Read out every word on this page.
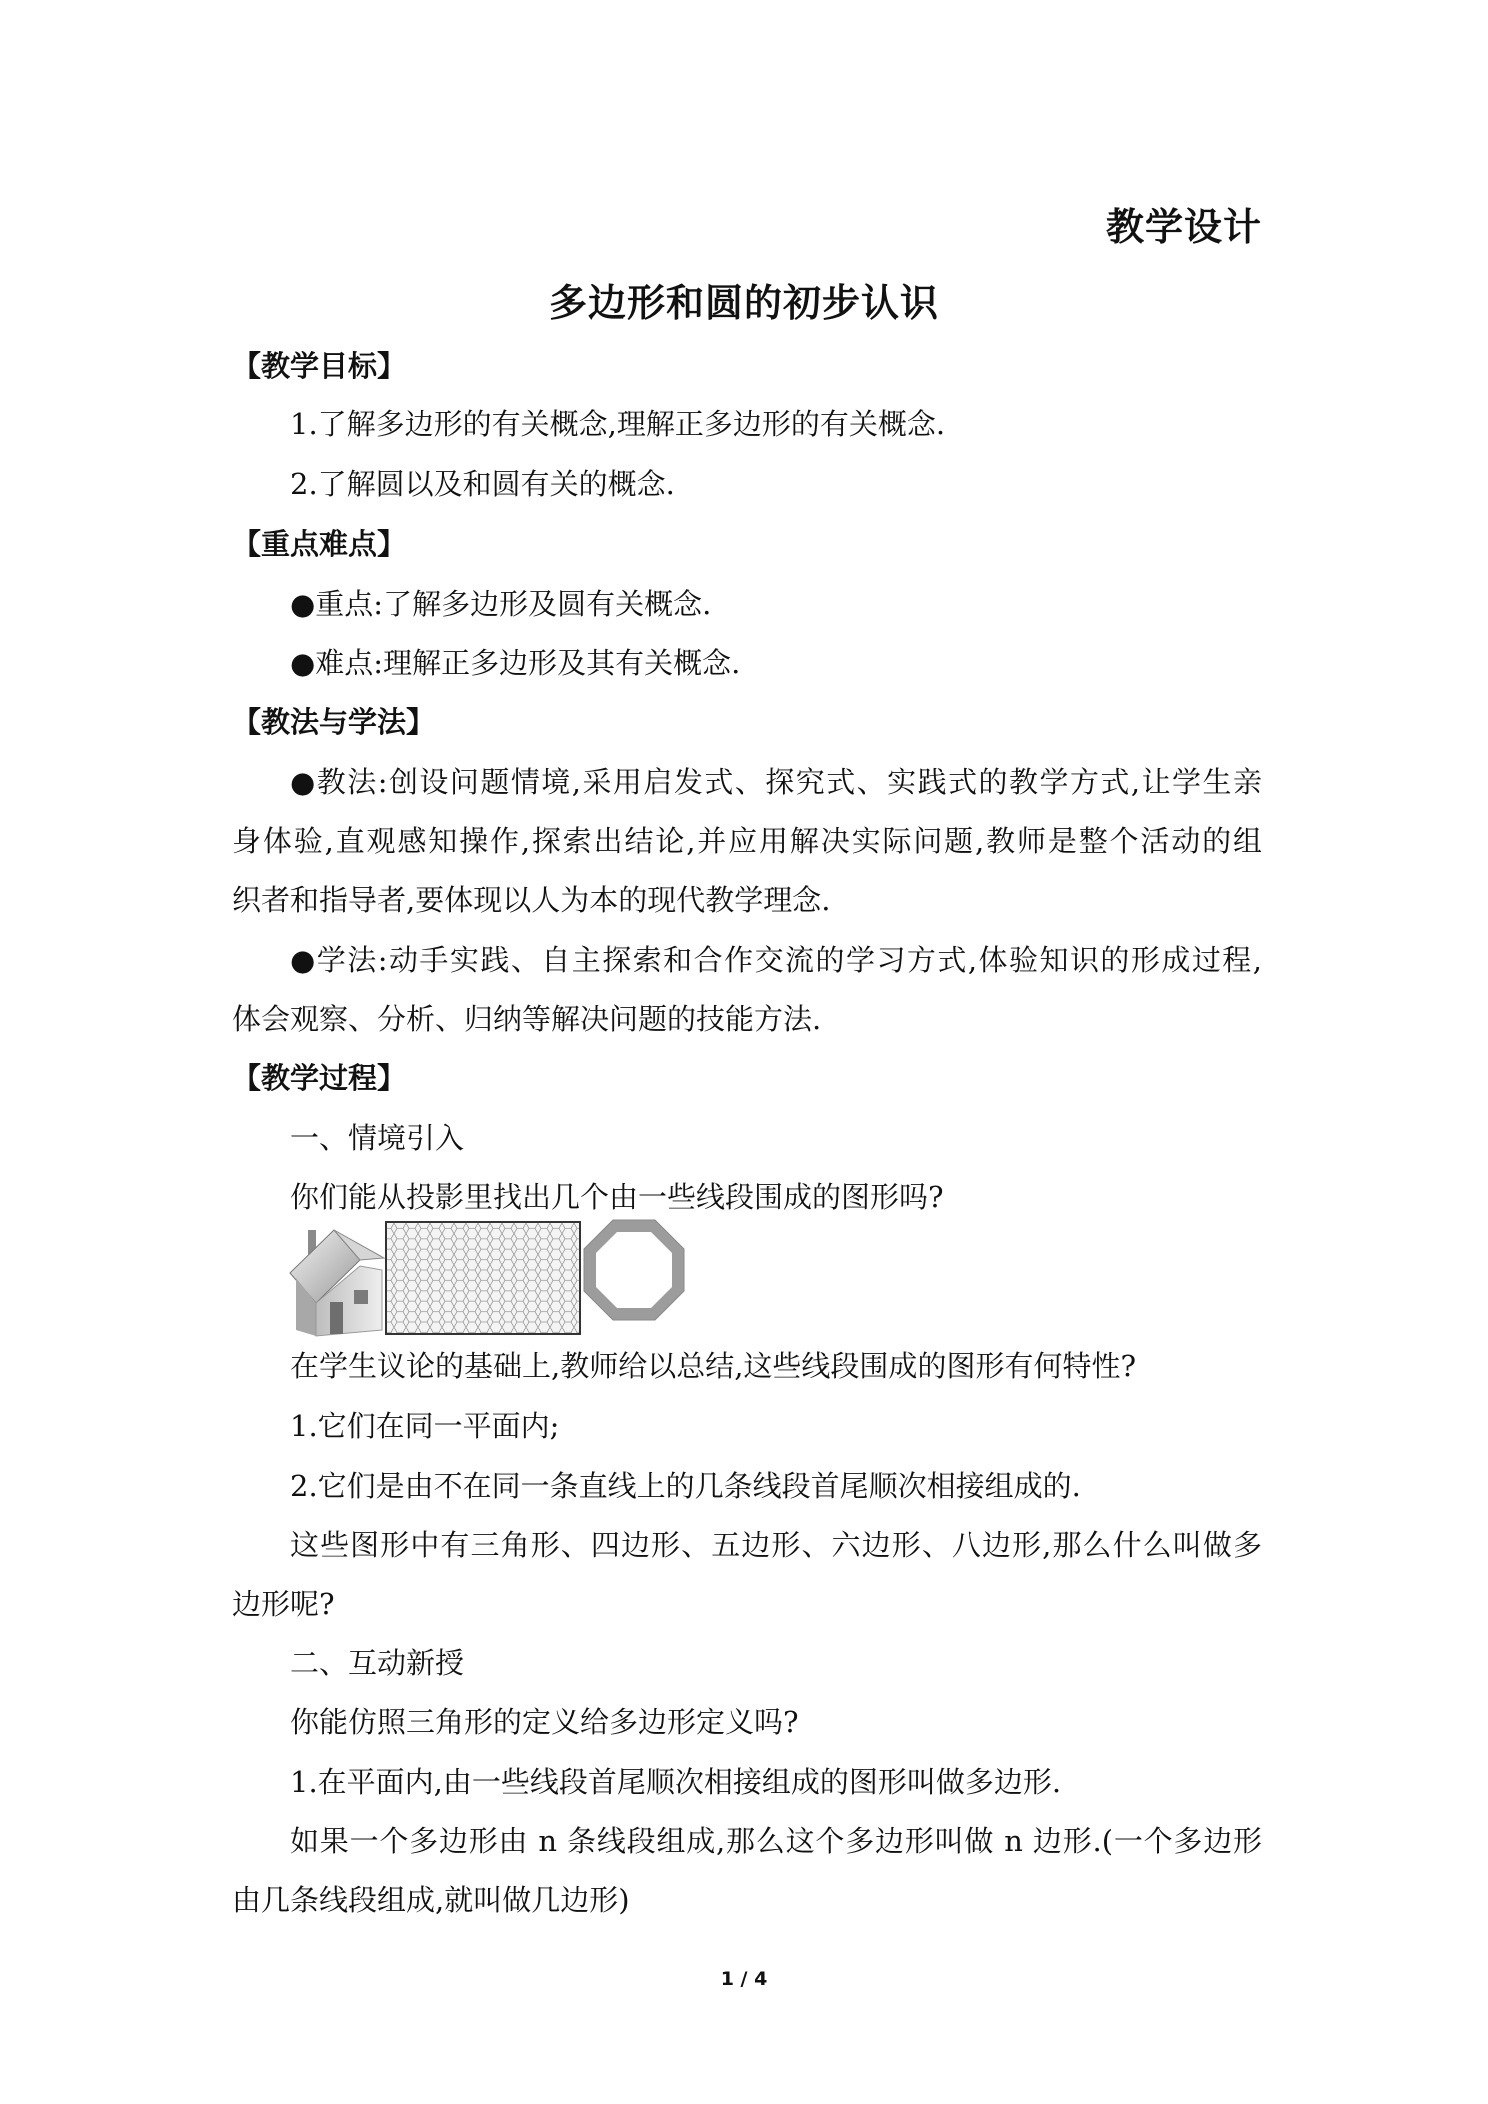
教学设计
多边形和圆的初步认识
【教学目标】
1.了解多边形的有关概念,理解正多边形的有关概念.
2.了解圆以及和圆有关的概念.
【重点难点】
●重点:了解多边形及圆有关概念.
●难点:理解正多边形及其有关概念.
【教法与学法】
●教法:创设问题情境,采用启发式、探究式、实践式的教学方式,让学生亲
身体验,直观感知操作,探索出结论,并应用解决实际问题,教师是整个活动的组
织者和指导者,要体现以人为本的现代教学理念.
●学法:动手实践、自主探索和合作交流的学习方式,体验知识的形成过程,
体会观察、分析、归纳等解决问题的技能方法.
【教学过程】
一、情境引入
你们能从投影里找出几个由一些线段围成的图形吗?
在学生议论的基础上,教师给以总结,这些线段围成的图形有何特性?
1.它们在同一平面内;
2.它们是由不在同一条直线上的几条线段首尾顺次相接组成的.
这些图形中有三角形、四边形、五边形、六边形、八边形,那么什么叫做多
边形呢?
二、互动新授
你能仿照三角形的定义给多边形定义吗?
1.在平面内,由一些线段首尾顺次相接组成的图形叫做多边形.
如果一个多边形由 n 条线段组成,那么这个多边形叫做 n 边形.(一个多边形
由几条线段组成,就叫做几边形)
1 / 4
